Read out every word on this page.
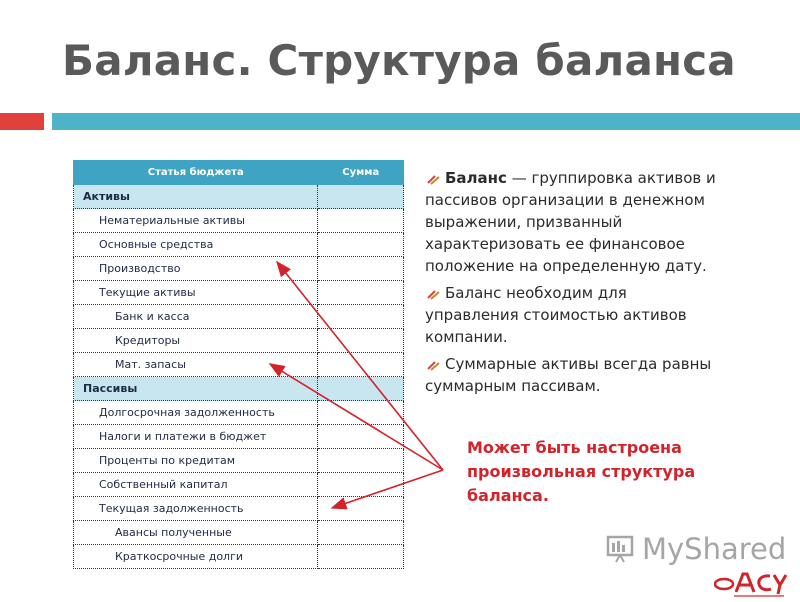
Баланс. Структура баланса
Статья бюджета	Сумма
Активы	
Нематериальные активы	
Основные средства	
Производство	
Текущие активы	
Банк и касса	
Кредиторы	
Мат. запасы	
Пассивы	
Долгосрочная задолженность	
Налоги и платежи в бюджет	
Проценты по кредитам	
Собственный капитал	
Текущая задолженность	
Авансы полученные	
Краткосрочные долги	

Баланс — группировка активов и пассивов организации в денежном выражении, призванный характеризовать ее финансовое положение на определенную дату.

Баланс необходим для управления стоимостью активов компании.

Суммарные активы всегда равны суммарным пассивам.

Может быть настроена произвольная структура баланса.
MyShared
